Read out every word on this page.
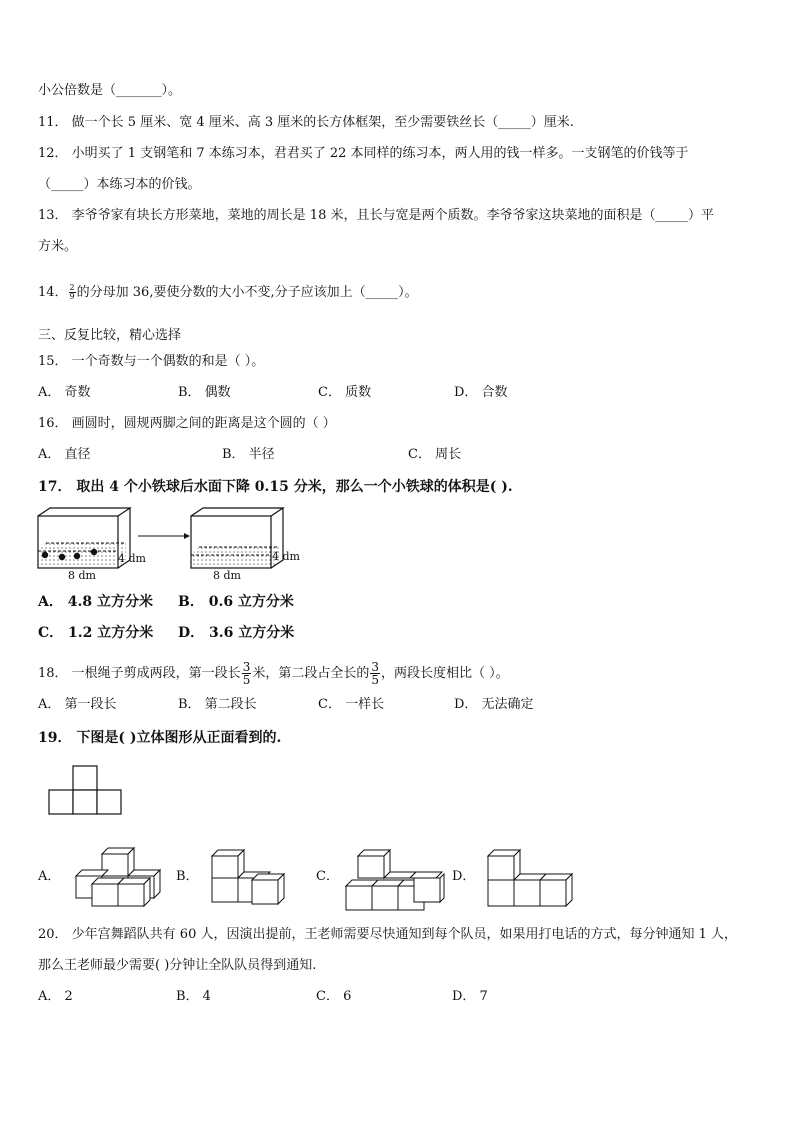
小公倍数是（_______）。
11． 做一个长 5 厘米、宽 4 厘米、高 3 厘米的长方体框架，至少需要铁丝长（_____）厘米.
12． 小明买了 1 支钢笔和 7 本练习本，君君买了 22 本同样的练习本，两人用的钱一样多。一支钢笔的价钱等于
（_____）本练习本的价钱。
13． 李爷爷家有块长方形菜地，菜地的周长是 18 米，且长与宽是两个质数。李爷爷家这块菜地的面积是（_____）平
方米。
14． $\frac{2}{9}$ 的分母加 36,要使分数的大小不变,分子应该加上（_____）。
三、反复比较，精心选择
15． 一个奇数与一个偶数的和是（ ）。
A． 奇数	B． 偶数	C． 质数	D． 合数
16． 画圆时，圆规两脚之间的距离是这个圆的（ ）
A． 直径	B． 半径	C． 周长
17． 取出 4 个小铁球后水面下降 0.15 分米，那么一个小铁球的体积是( ).
8 dm
4 dm
8 dm
4 dm
A． 4.8 立方分米 B． 0.6 立方分米
C． 1.2 立方分米 D． 3.6 立方分米
18． 一根绳子剪成两段，第一段长 $\frac{3}{5}$ 米，第二段占全长的 $\frac{3}{5}$ ，两段长度相比（ ）。
A． 第一段长	B． 第二段长	C． 一样长	D． 无法确定
19． 下图是( )立体图形从正面看到的.
A．	B．	C．	D．
20． 少年宫舞蹈队共有 60 人，因演出提前，王老师需要尽快通知到每个队员，如果用打电话的方式，每分钟通知 1 人，
那么王老师最少需要( )分钟让全队队员得到通知.
A． 2	B． 4	C． 6	D． 7
